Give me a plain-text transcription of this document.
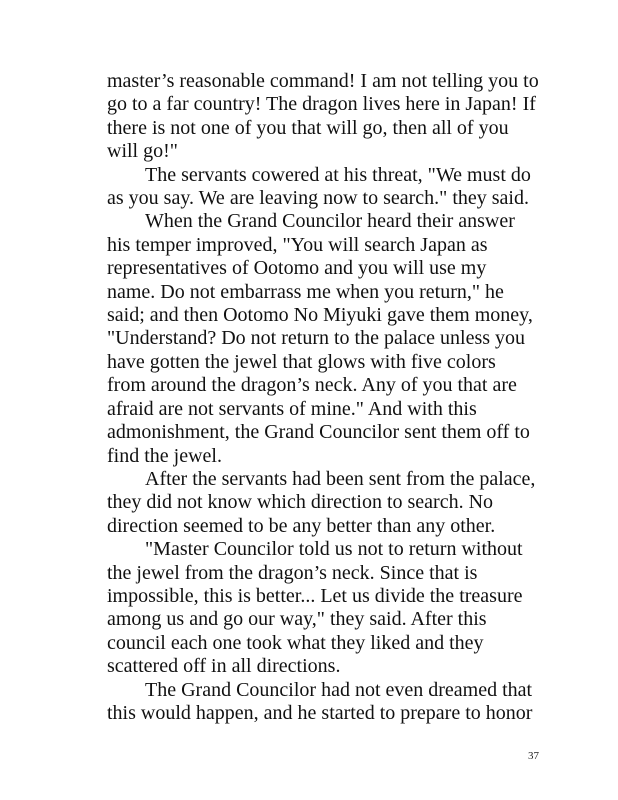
master’s reasonable command! I am not telling you to
go to a far country! The dragon lives here in Japan! If
there is not one of you that will go, then all of you
will go!"
The servants cowered at his threat, "We must do
as you say. We are leaving now to search." they said.
When the Grand Councilor heard their answer
his temper improved, "You will search Japan as
representatives of Ootomo and you will use my
name. Do not embarrass me when you return," he
said; and then Ootomo No Miyuki gave them money,
"Understand? Do not return to the palace unless you
have gotten the jewel that glows with five colors
from around the dragon’s neck. Any of you that are
afraid are not servants of mine." And with this
admonishment, the Grand Councilor sent them off to
find the jewel.
After the servants had been sent from the palace,
they did not know which direction to search. No
direction seemed to be any better than any other.
"Master Councilor told us not to return without
the jewel from the dragon’s neck. Since that is
impossible, this is better... Let us divide the treasure
among us and go our way," they said. After this
council each one took what they liked and they
scattered off in all directions.
The Grand Councilor had not even dreamed that
this would happen, and he started to prepare to honor
37
